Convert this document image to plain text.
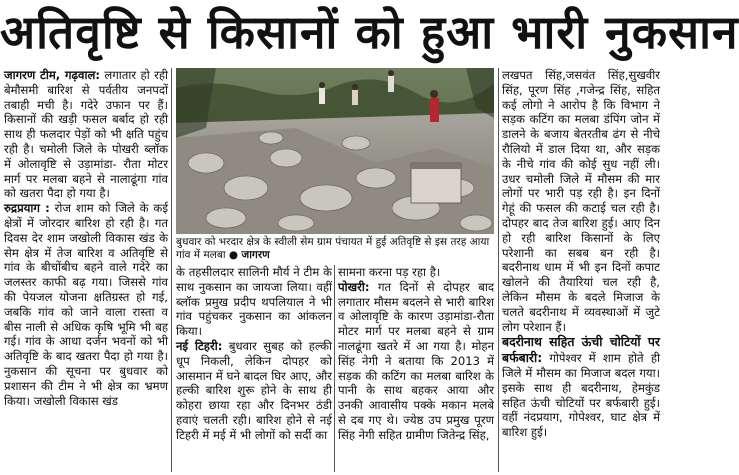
अतिवृष्टि से किसानों को हुआ भारी नुकसान

जागरण टीम, गढ़वाल: लगातार हो रही बेमौसमी बारिश से पर्वतीय जनपदों तबाही मची है। गदेरे उफान पर हैं। किसानों की खड़ी फसल बर्बाद हो रही साथ ही फलदार पेड़ों को भी क्षति पहुंच रही है। चमोली जिले के पोखरी ब्लॉक में ओलावृष्टि से उड़ामांडा- रौता मोटर मार्ग पर मलबा बहने से नालाढूंगा गांव को खतरा पैदा हो गया है।

रुद्रप्रयाग : रोज शाम को जिले के कई क्षेत्रों में जोरदार बारिश हो रही है। गत दिवस देर शाम जखोली विकास खंड के सेम क्षेत्र में तेज बारिश व अतिवृष्टि से गांव के बीचोंबीच बहने वाले गदेरे का जलस्तर काफी बढ़ गया। जिससे गांव की पेयजल योजना क्षतिग्रस्त हो गई, जबकि गांव को जाने वाला रास्ता व बीस नाली से अधिक कृषि भूमि भी बह गई। गांव के आधा दर्जन भवनों को भी अतिवृष्टि के बाद खतरा पैदा हो गया है। नुकसान की सूचना पर बुधवार को प्रशासन की टीम ने भी क्षेत्र का भ्रमण किया। जखोली विकास खंड

बुधवार को भरदार क्षेत्र के स्वीली सेम ग्राम पंचायत में हुई अतिवृष्टि से इस तरह आया गांव में मलबा ● जागरण

के तहसीलदार सालिनी मौर्य ने टीम के साथ नुकसान का जायजा लिया। वहीं ब्लॉक प्रमुख प्रदीप थपलियाल ने भी गांव पहुंचकर नुकसान का आंकलन किया।

नई टिहरी: बुधवार सुबह को हल्की धूप निकली, लेकिन दोपहर को आसमान में घने बादल घिर आए, और हल्की बारिश शुरू होने के साथ ही कोहरा छाया रहा और दिनभर ठंडी हवाएं चलती रही। बारिश होने से नई टिहरी में मई में भी लोगों को सर्दी का

सामना करना पड़ रहा है।

पोखरी: गत दिनों से दोपहर बाद लगातार मौसम बदलने से भारी बारिश व ओलावृष्टि के कारण उड़ामांडा-रौता मोटर मार्ग पर मलबा बहने से ग्राम नालढूंगा खतरे में आ गया है। मोहन सिंह नेगी ने बताया कि 2013 में सड़क की कटिंग का मलबा बारिश के पानी के साथ बहकर आया और उनकी आवासीय पक्के मकान मलबे से दब गए थे। ज्येष्ठ उप प्रमुख पूरण सिंह नेगी सहित ग्रामीण जितेन्द्र सिंह,

लखपत सिंह,जसवंत सिंह,सुखवीर सिंह, पूरण सिंह ,गजेन्द्र सिंह, सहित कई लोगो ने आरोप है कि विभाग ने सड़क कटिंग का मलबा डंपिंग जोन में डालने के बजाय बेतरतीब ढंग से नीचे रौलियो में डाल दिया था, और सड़क के नीचे गांव की कोई सुध नहीं ली। उधर चमोली जिले में मौसम की मार लोगों पर भारी पड़ रही है। इन दिनों गेहूं की फसल की कटाई चल रही है। दोपहर बाद तेज बारिश हुई। आए दिन हो रही बारिश किसानों के लिए परेशानी का सबब बन रही है। बदरीनाथ धाम में भी इन दिनों कपाट खोलने की तैयारियां चल रही है, लेकिन मौसम के बदले मिजाज के चलते बदरीनाथ में व्यवस्थाओं में जुटे लोग परेशान हैं।

बदरीनाथ सहित ऊंची चोटियों पर बर्फबारी: गोपेश्वर में शाम होते ही जिले में मौसम का मिजाज बदल गया। इसके साथ ही बदरीनाथ, हेमकुंड सहित ऊंची चोटियों पर बर्फबारी हुई। वहीं नंदप्रयाग, गोपेश्वर, घाट क्षेत्र में बारिश हुई।
